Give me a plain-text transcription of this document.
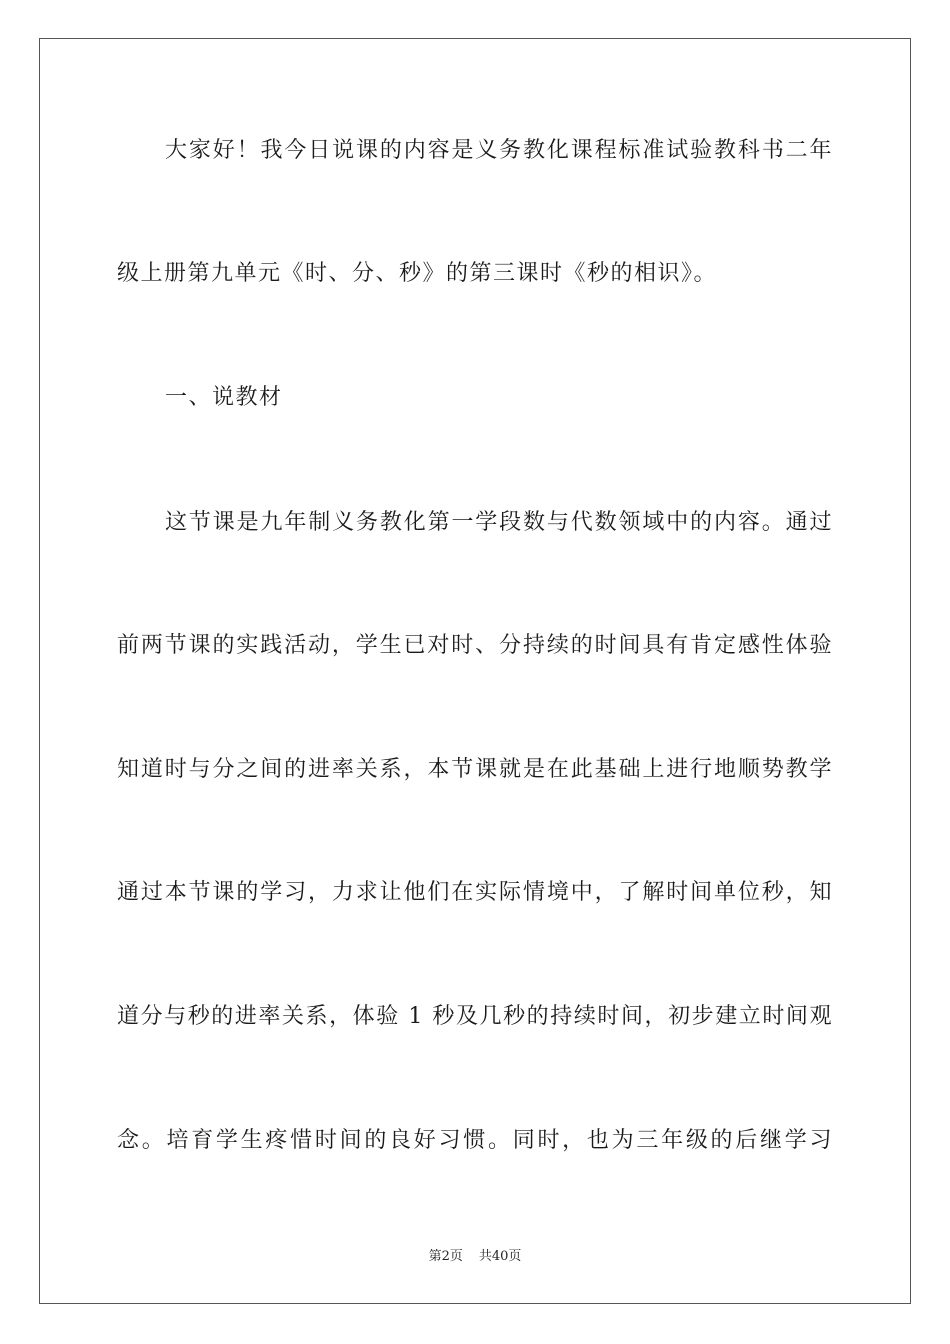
大家好！我今日说课的内容是义务教化课程标准试验教科书二年
级上册第九单元《时、分、秒》的第三课时《秒的相识》。
一、说教材
这节课是九年制义务教化第一学段数与代数领域中的内容。通过
前两节课的实践活动，学生已对时、分持续的时间具有肯定感性体验
知道时与分之间的进率关系，本节课就是在此基础上进行地顺势教学
通过本节课的学习，力求让他们在实际情境中，了解时间单位秒，知
道分与秒的进率关系，体验 1 秒及几秒的持续时间，初步建立时间观
念。培育学生疼惜时间的良好习惯。同时，也为三年级的后继学习
第2页 共40页
